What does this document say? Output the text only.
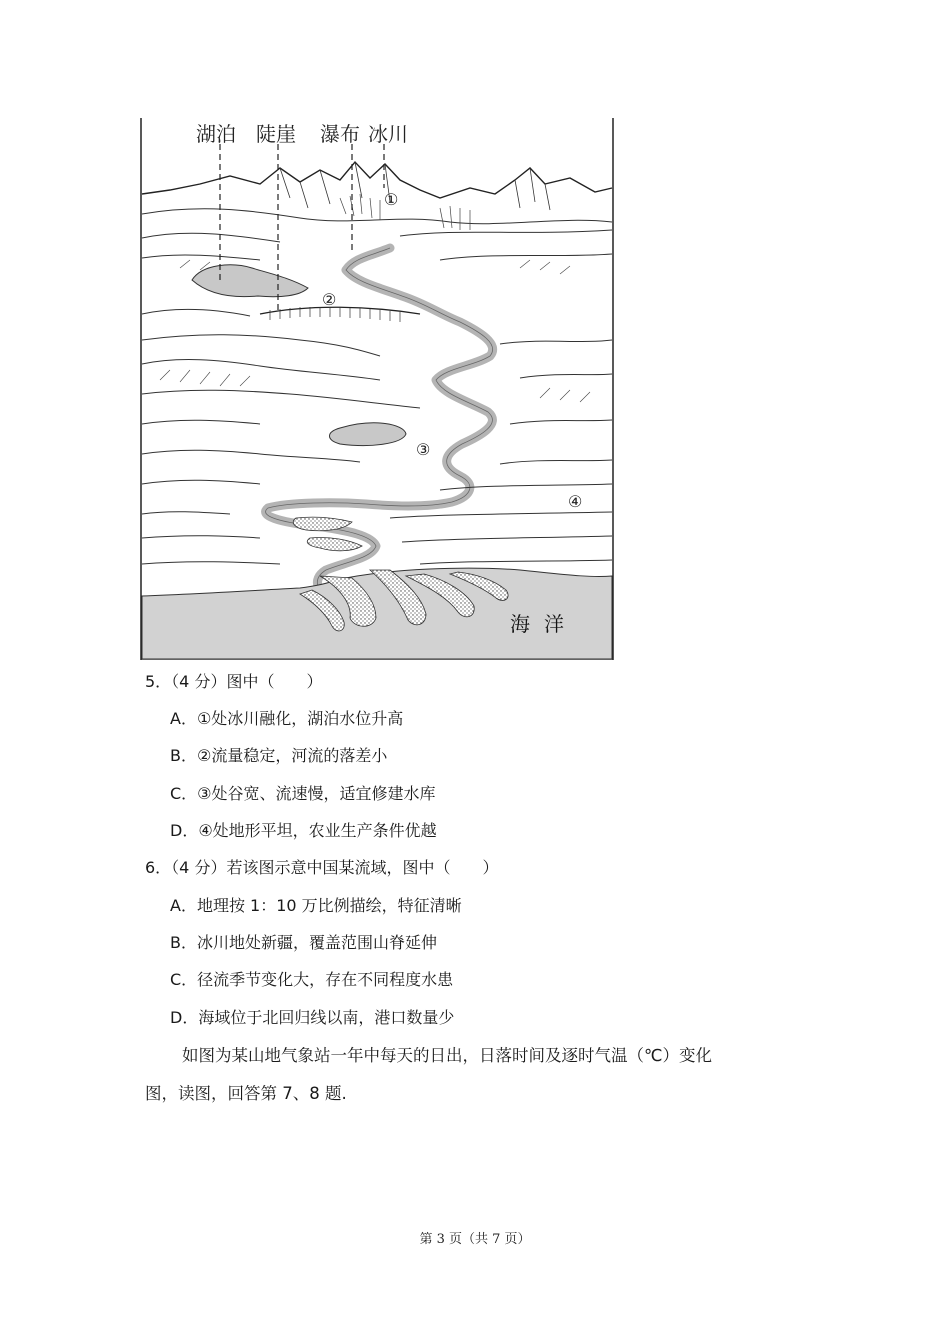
湖泊 陡崖 瀑布 冰川
①
②
③
④
海洋
5．（4 分）图中（　　）
A．①处冰川融化，湖泊水位升高
B．②流量稳定，河流的落差小
C．③处谷宽、流速慢，适宜修建水库
D．④处地形平坦，农业生产条件优越
6．（4 分）若该图示意中国某流域，图中（　　）
A．地理按 1：10 万比例描绘，特征清晰
B．冰川地处新疆，覆盖范围山脊延伸
C．径流季节变化大，存在不同程度水患
D．海域位于北回归线以南，港口数量少
如图为某山地气象站一年中每天的日出，日落时间及逐时气温（℃）变化
图，读图，回答第 7、8 题.
第 3 页（共 7 页）
